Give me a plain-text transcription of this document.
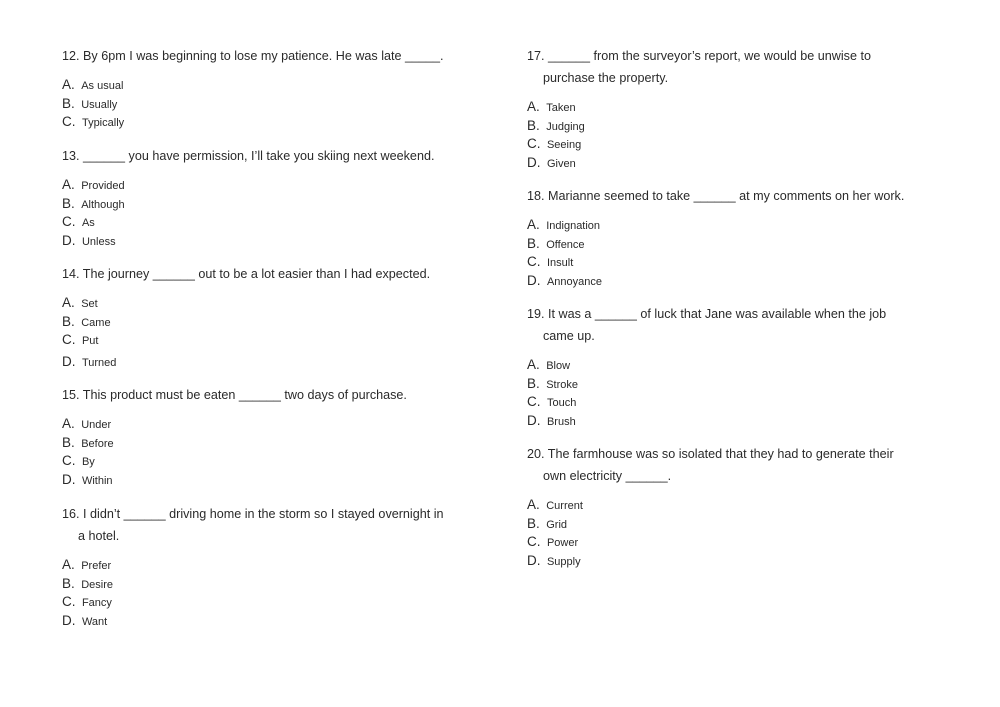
12. By 6pm I was beginning to lose my patience. He was late _____.
A. As usual
B. Usually
C. Typically
13. ______ you have permission, I’ll take you skiing next weekend.
A. Provided
B. Although
C. As
D. Unless
14. The journey ______ out to be a lot easier than I had expected.
A. Set
B. Came
C. Put
D. Turned
15. This product must be eaten ______ two days of purchase.
A. Under
B. Before
C. By
D. Within
16. I didn’t ______ driving home in the storm so I stayed overnight in
a hotel.
A. Prefer
B. Desire
C. Fancy
D. Want
17. ______ from the surveyor’s report, we would be unwise to
purchase the property.
A. Taken
B. Judging
C. Seeing
D. Given
18. Marianne seemed to take ______ at my comments on her work.
A. Indignation
B. Offence
C. Insult
D. Annoyance
19. It was a ______ of luck that Jane was available when the job
came up.
A. Blow
B. Stroke
C. Touch
D. Brush
20. The farmhouse was so isolated that they had to generate their
own electricity ______.
A. Current
B. Grid
C. Power
D. Supply
